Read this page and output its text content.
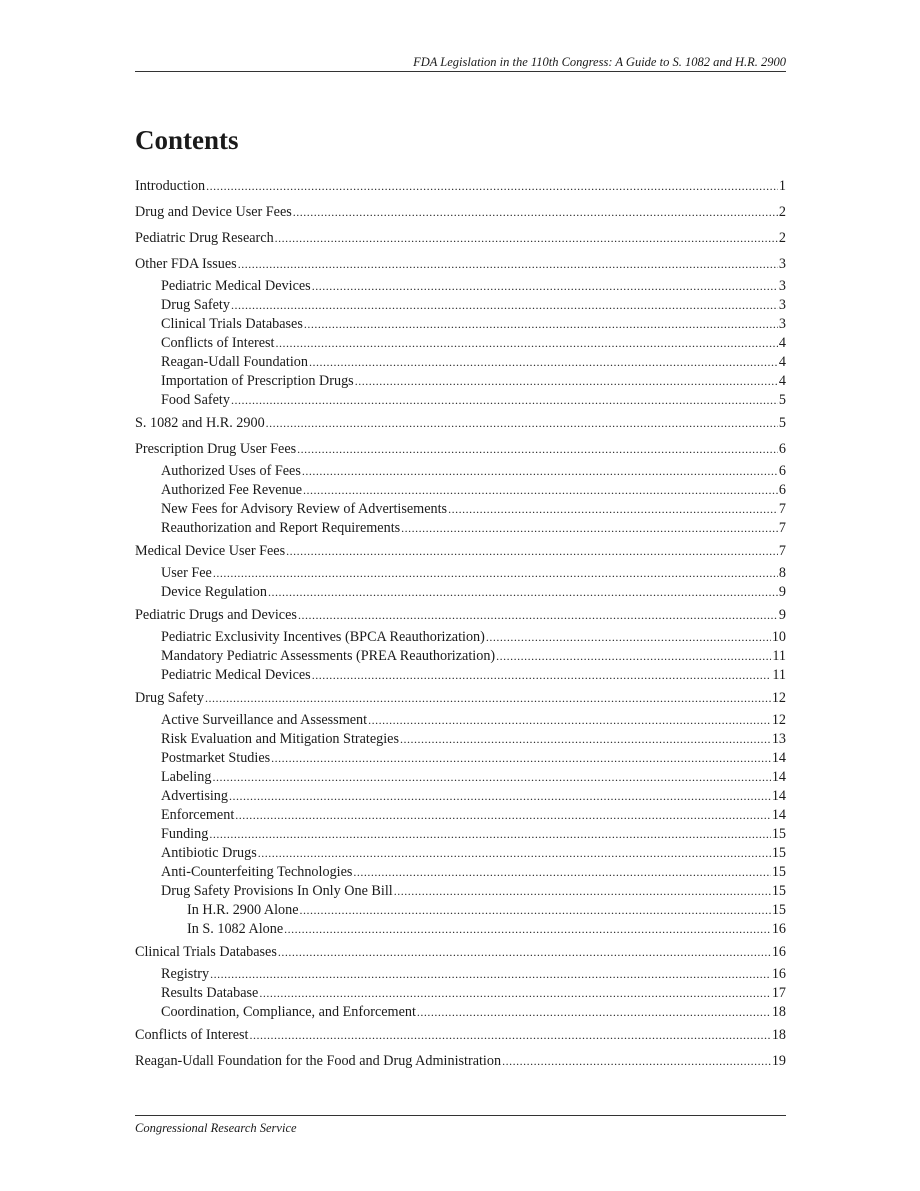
FDA Legislation in the 110th Congress: A Guide to S. 1082 and H.R. 2900
Contents
Introduction .....	1
Drug and Device User Fees .....	2
Pediatric Drug Research .....	2
Other FDA Issues .....	3
Pediatric Medical Devices .....	3
Drug Safety .....	3
Clinical Trials Databases .....	3
Conflicts of Interest .....	4
Reagan-Udall Foundation .....	4
Importation of Prescription Drugs .....	4
Food Safety .....	5
S. 1082 and H.R. 2900 .....	5
Prescription Drug User Fees .....	6
Authorized Uses of Fees .....	6
Authorized Fee Revenue .....	6
New Fees for Advisory Review of Advertisements .....	7
Reauthorization and Report Requirements .....	7
Medical Device User Fees .....	7
User Fee .....	8
Device Regulation .....	9
Pediatric Drugs and Devices .....	9
Pediatric Exclusivity Incentives (BPCA Reauthorization) .....	10
Mandatory Pediatric Assessments (PREA Reauthorization) .....	11
Pediatric Medical Devices .....	11
Drug Safety .....	12
Active Surveillance and Assessment .....	12
Risk Evaluation and Mitigation Strategies .....	13
Postmarket Studies .....	14
Labeling .....	14
Advertising .....	14
Enforcement .....	14
Funding .....	15
Antibiotic Drugs .....	15
Anti-Counterfeiting Technologies .....	15
Drug Safety Provisions In Only One Bill .....	15
In H.R. 2900 Alone .....	15
In S. 1082 Alone .....	16
Clinical Trials Databases .....	16
Registry .....	16
Results Database .....	17
Coordination, Compliance, and Enforcement .....	18
Conflicts of Interest .....	18
Reagan-Udall Foundation for the Food and Drug Administration .....	19
Congressional Research Service
